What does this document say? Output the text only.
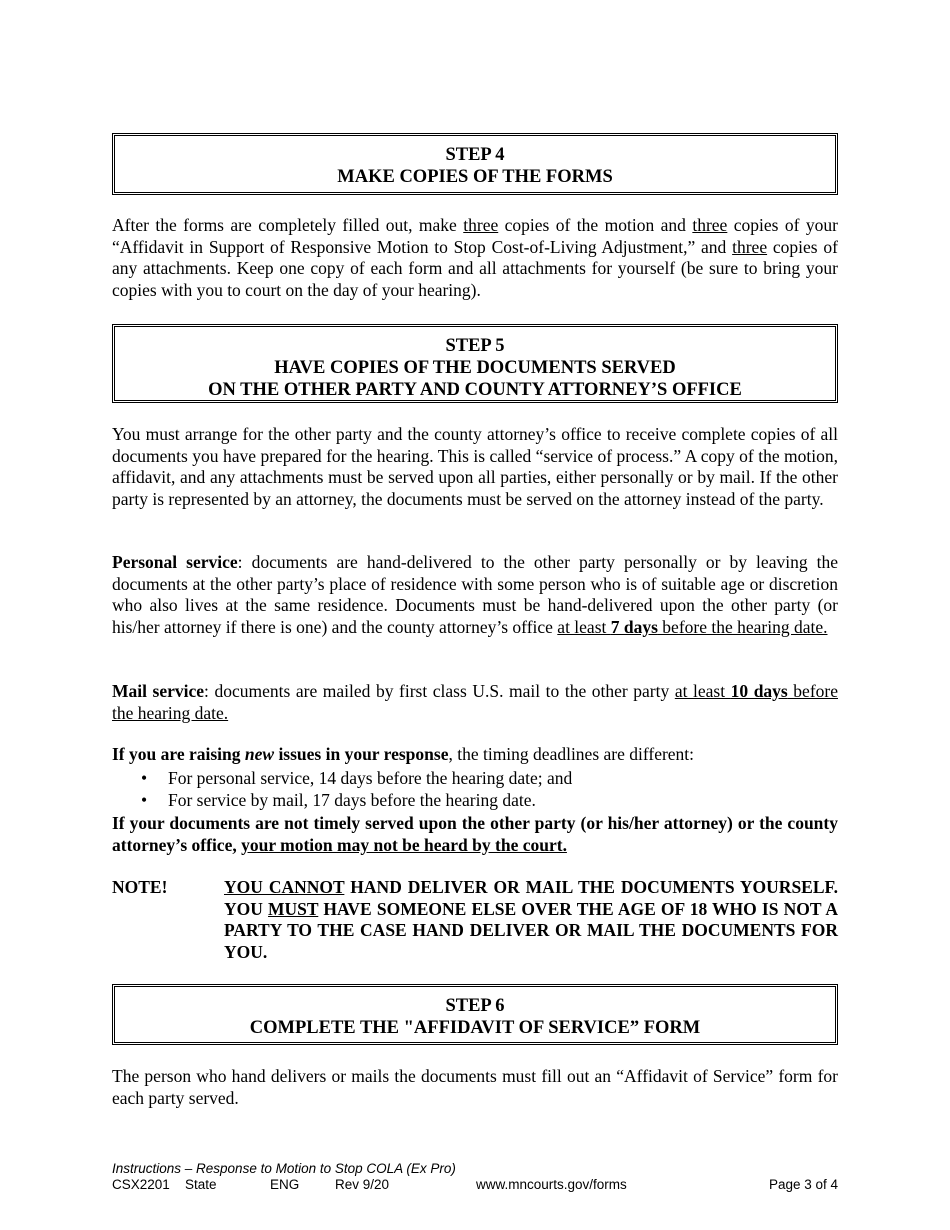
STEP 4
MAKE COPIES OF THE FORMS
After the forms are completely filled out, make three copies of the motion and three copies of your “Affidavit in Support of Responsive Motion to Stop Cost-of-Living Adjustment,” and three copies of any attachments. Keep one copy of each form and all attachments for yourself (be sure to bring your copies with you to court on the day of your hearing).
STEP 5
HAVE COPIES OF THE DOCUMENTS SERVED
ON THE OTHER PARTY AND COUNTY ATTORNEY’S OFFICE
You must arrange for the other party and the county attorney’s office to receive complete copies of all documents you have prepared for the hearing. This is called “service of process.” A copy of the motion, affidavit, and any attachments must be served upon all parties, either personally or by mail. If the other party is represented by an attorney, the documents must be served on the attorney instead of the party.
Personal service: documents are hand-delivered to the other party personally or by leaving the documents at the other party’s place of residence with some person who is of suitable age or discretion who also lives at the same residence. Documents must be hand-delivered upon the other party (or his/her attorney if there is one) and the county attorney’s office at least 7 days before the hearing date.
Mail service: documents are mailed by first class U.S. mail to the other party at least 10 days before the hearing date.
If you are raising new issues in your response, the timing deadlines are different:
• For personal service, 14 days before the hearing date; and
• For service by mail, 17 days before the hearing date.
If your documents are not timely served upon the other party (or his/her attorney) or the county attorney’s office, your motion may not be heard by the court.
NOTE!	YOU CANNOT HAND DELIVER OR MAIL THE DOCUMENTS YOURSELF. YOU MUST HAVE SOMEONE ELSE OVER THE AGE OF 18 WHO IS NOT A PARTY TO THE CASE HAND DELIVER OR MAIL THE DOCUMENTS FOR YOU.
STEP 6
COMPLETE THE "AFFIDAVIT OF SERVICE” FORM
The person who hand delivers or mails the documents must fill out an “Affidavit of Service” form for each party served.
Instructions – Response to Motion to Stop COLA (Ex Pro)
CSX2201 State	ENG	Rev 9/20	www.mncourts.gov/forms	Page 3 of 4
